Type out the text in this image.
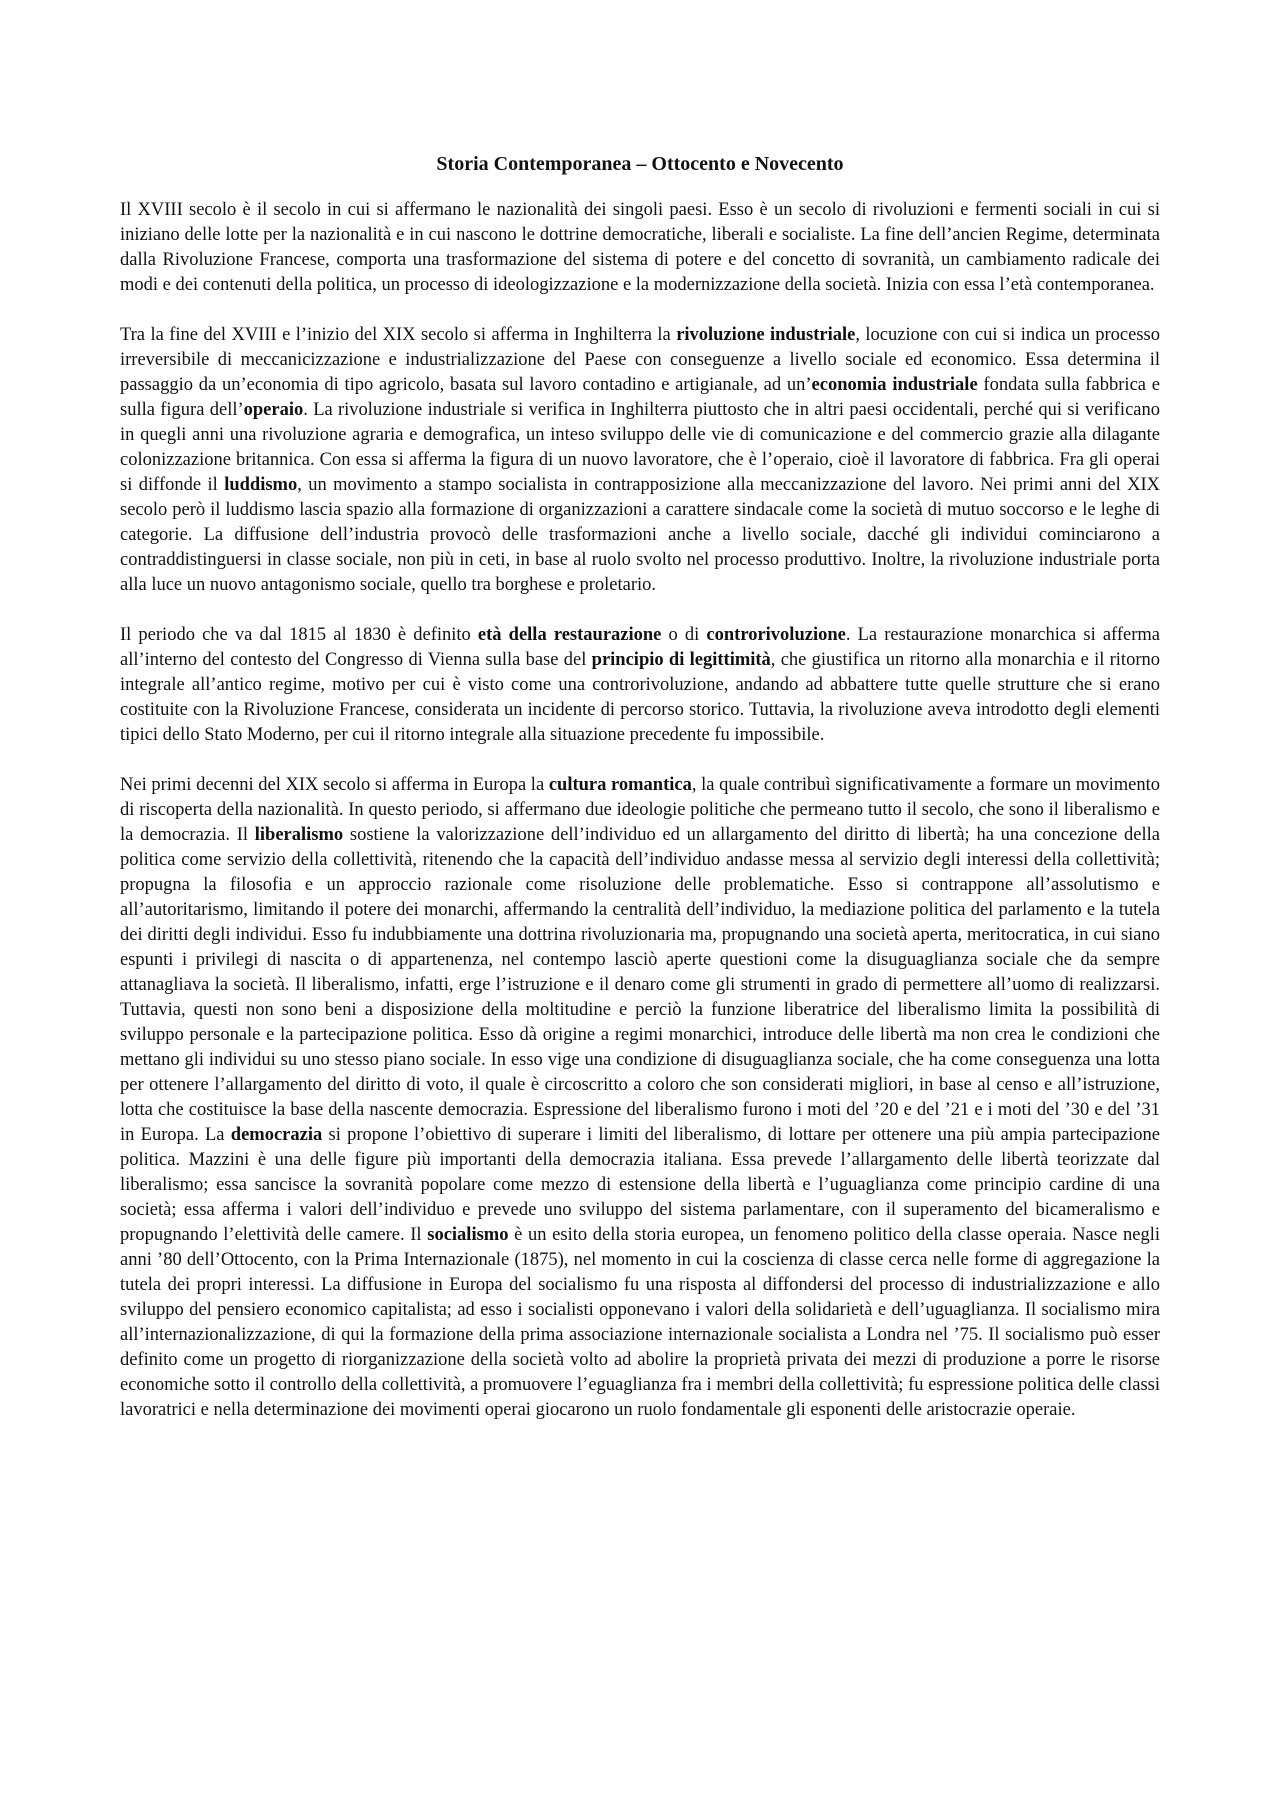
Storia Contemporanea – Ottocento e Novecento

Il XVIII secolo è il secolo in cui si affermano le nazionalità dei singoli paesi. Esso è un secolo di rivoluzioni e fermenti sociali in cui si iniziano delle lotte per la nazionalità e in cui nascono le dottrine democratiche, liberali e socialiste. La fine dell’ancien Regime, determinata dalla Rivoluzione Francese, comporta una trasformazione del sistema di potere e del concetto di sovranità, un cambiamento radicale dei modi e dei contenuti della politica, un processo di ideologizzazione e la modernizzazione della società. Inizia con essa l’età contemporanea.

Tra la fine del XVIII e l’inizio del XIX secolo si afferma in Inghilterra la rivoluzione industriale, locuzione con cui si indica un processo irreversibile di meccanicizzazione e industrializzazione del Paese con conseguenze a livello sociale ed economico. Essa determina il passaggio da un’economia di tipo agricolo, basata sul lavoro contadino e artigianale, ad un’economia industriale fondata sulla fabbrica e sulla figura dell’operaio. La rivoluzione industriale si verifica in Inghilterra piuttosto che in altri paesi occidentali, perché qui si verificano in quegli anni una rivoluzione agraria e demografica, un inteso sviluppo delle vie di comunicazione e del commercio grazie alla dilagante colonizzazione britannica. Con essa si afferma la figura di un nuovo lavoratore, che è l’operaio, cioè il lavoratore di fabbrica. Fra gli operai si diffonde il luddismo, un movimento a stampo socialista in contrapposizione alla meccanizzazione del lavoro. Nei primi anni del XIX secolo però il luddismo lascia spazio alla formazione di organizzazioni a carattere sindacale come la società di mutuo soccorso e le leghe di categorie. La diffusione dell’industria provocò delle trasformazioni anche a livello sociale, dacché gli individui cominciarono a contraddistinguersi in classe sociale, non più in ceti, in base al ruolo svolto nel processo produttivo. Inoltre, la rivoluzione industriale porta alla luce un nuovo antagonismo sociale, quello tra borghese e proletario.

Il periodo che va dal 1815 al 1830 è definito età della restaurazione o di controrivoluzione. La restaurazione monarchica si afferma all’interno del contesto del Congresso di Vienna sulla base del principio di legittimità, che giustifica un ritorno alla monarchia e il ritorno integrale all’antico regime, motivo per cui è visto come una controrivoluzione, andando ad abbattere tutte quelle strutture che si erano costituite con la Rivoluzione Francese, considerata un incidente di percorso storico. Tuttavia, la rivoluzione aveva introdotto degli elementi tipici dello Stato Moderno, per cui il ritorno integrale alla situazione precedente fu impossibile.

Nei primi decenni del XIX secolo si afferma in Europa la cultura romantica, la quale contribuì significativamente a formare un movimento di riscoperta della nazionalità. In questo periodo, si affermano due ideologie politiche che permeano tutto il secolo, che sono il liberalismo e la democrazia. Il liberalismo sostiene la valorizzazione dell’individuo ed un allargamento del diritto di libertà; ha una concezione della politica come servizio della collettività, ritenendo che la capacità dell’individuo andasse messa al servizio degli interessi della collettività; propugna la filosofia e un approccio razionale come risoluzione delle problematiche. Esso si contrappone all’assolutismo e all’autoritarismo, limitando il potere dei monarchi, affermando la centralità dell’individuo, la mediazione politica del parlamento e la tutela dei diritti degli individui. Esso fu indubbiamente una dottrina rivoluzionaria ma, propugnando una società aperta, meritocratica, in cui siano espunti i privilegi di nascita o di appartenenza, nel contempo lasciò aperte questioni come la disuguaglianza sociale che da sempre attanagliava la società. Il liberalismo, infatti, erge l’istruzione e il denaro come gli strumenti in grado di permettere all’uomo di realizzarsi. Tuttavia, questi non sono beni a disposizione della moltitudine e perciò la funzione liberatrice del liberalismo limita la possibilità di sviluppo personale e la partecipazione politica. Esso dà origine a regimi monarchici, introduce delle libertà ma non crea le condizioni che mettano gli individui su uno stesso piano sociale. In esso vige una condizione di disuguaglianza sociale, che ha come conseguenza una lotta per ottenere l’allargamento del diritto di voto, il quale è circoscritto a coloro che son considerati migliori, in base al censo e all’istruzione, lotta che costituisce la base della nascente democrazia. Espressione del liberalismo furono i moti del ’20 e del ’21 e i moti del ’30 e del ’31 in Europa. La democrazia si propone l’obiettivo di superare i limiti del liberalismo, di lottare per ottenere una più ampia partecipazione politica. Mazzini è una delle figure più importanti della democrazia italiana. Essa prevede l’allargamento delle libertà teorizzate dal liberalismo; essa sancisce la sovranità popolare come mezzo di estensione della libertà e l’uguaglianza come principio cardine di una società; essa afferma i valori dell’individuo e prevede uno sviluppo del sistema parlamentare, con il superamento del bicameralismo e propugnando l’elettività delle camere. Il socialismo è un esito della storia europea, un fenomeno politico della classe operaia. Nasce negli anni ’80 dell’Ottocento, con la Prima Internazionale (1875), nel momento in cui la coscienza di classe cerca nelle forme di aggregazione la tutela dei propri interessi. La diffusione in Europa del socialismo fu una risposta al diffondersi del processo di industrializzazione e allo sviluppo del pensiero economico capitalista; ad esso i socialisti opponevano i valori della solidarietà e dell’uguaglianza. Il socialismo mira all’internazionalizzazione, di qui la formazione della prima associazione internazionale socialista a Londra nel ’75. Il socialismo può esser definito come un progetto di riorganizzazione della società volto ad abolire la proprietà privata dei mezzi di produzione a porre le risorse economiche sotto il controllo della collettività, a promuovere l’eguaglianza fra i membri della collettività; fu espressione politica delle classi lavoratrici e nella determinazione dei movimenti operai giocarono un ruolo fondamentale gli esponenti delle aristocrazie operaie.
